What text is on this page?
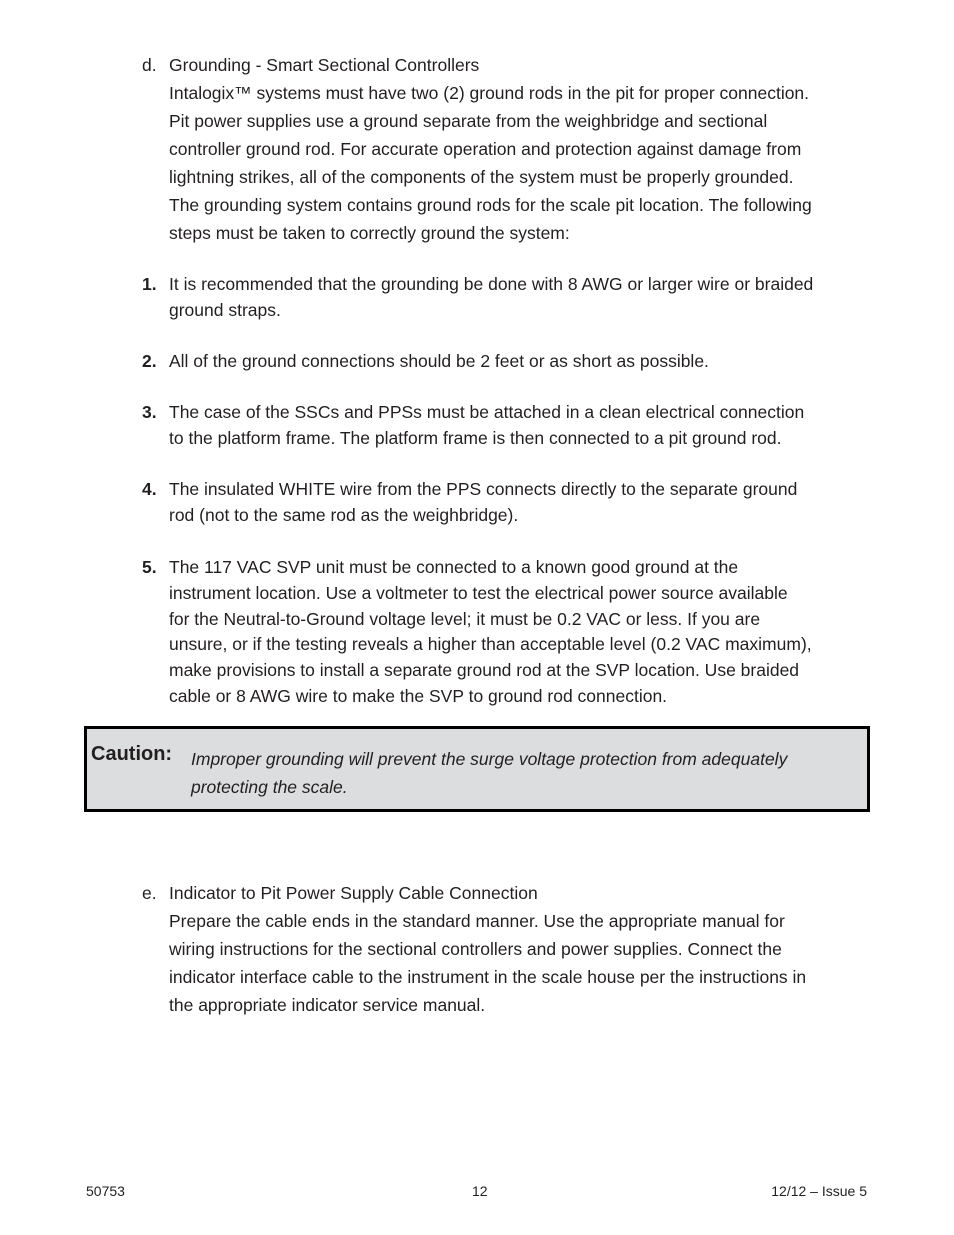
d. Grounding - Smart Sectional Controllers
Intalogix™ systems must have two (2) ground rods in the pit for proper connection.
Pit power supplies use a ground separate from the weighbridge and sectional
controller ground rod. For accurate operation and protection against damage from
lightning strikes, all of the components of the system must be properly grounded.
The grounding system contains ground rods for the scale pit location. The following
steps must be taken to correctly ground the system:
1. It is recommended that the grounding be done with 8 AWG or larger wire or braided
ground straps.
2. All of the ground connections should be 2 feet or as short as possible.
3. The case of the SSCs and PPSs must be attached in a clean electrical connection
to the platform frame. The platform frame is then connected to a pit ground rod.
4. The insulated WHITE wire from the PPS connects directly to the separate ground
rod (not to the same rod as the weighbridge).
5. The 117 VAC SVP unit must be connected to a known good ground at the
instrument location. Use a voltmeter to test the electrical power source available
for the Neutral-to-Ground voltage level; it must be 0.2 VAC or less. If you are
unsure, or if the testing reveals a higher than acceptable level (0.2 VAC maximum),
make provisions to install a separate ground rod at the SVP location. Use braided
cable or 8 AWG wire to make the SVP to ground rod connection.
Caution: Improper grounding will prevent the surge voltage protection from adequately
protecting the scale.
e. Indicator to Pit Power Supply Cable Connection
Prepare the cable ends in the standard manner. Use the appropriate manual for
wiring instructions for the sectional controllers and power supplies. Connect the
indicator interface cable to the instrument in the scale house per the instructions in
the appropriate indicator service manual.
50753	12	12/12 – Issue 5
